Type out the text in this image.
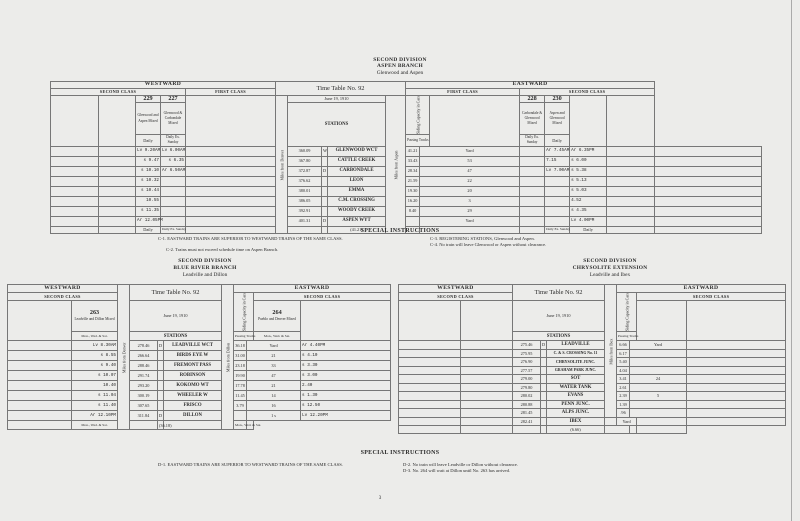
SECOND DIVISION
ASPEN BRANCH
Glenwood and Aspen
WESTWARD					Time Table No. 92					EASTWARD							
SECOND CLASS				FIRST CLASS						FIRST CLASS			SECOND CLASS				
		229	227		Miles from Denver	June 19, 1910			Miles from Aspen	Siding Capacity in Cars			228	230			
		Glenwood and Aspen Mixed	Glenwood & Carbondale Mixed			STATIONS							Carbondale & Glenwood Mixed	Aspen and Glenwood Mixed			
		Daily	Daily Ex. Sunday							Passing Tracks			Daily Ex. Sunday	Daily			
		Lv 9.20AM	Lv 6.00AM			360.09	W	GLENWOOD WCT		41.21	Yard			Ar 7.45AM	Ar 6.35PM		
		s 9.47	s 6.35			367.80		CATTLE CREEK		33.43	53			7.15	s 6.00		
		s 10.10	Ar 6.50AM			372.87	D	CARBONDALE		28.34	47			Lv 7.00AM	s 5.38		
		s 10.32				376.62		LEON		21.59	22				s 5.13		
		s 10.44				380.01		EMMA		19.30	20				s 5.03		
		10.55				386.05		C.M. CROSSING		16.20	3				4.52		
		s 11.35				392.91		WOODY CREEK		8.40	29				s 4.35		
		Ar 12.05PM				401.31	D	ASPEN WYT			Yard				Lv 4.00PM		
		Daily	Daily Ex. Sunday					(41.21)						Daily Ex. Sunday	Daily		
SPECIAL INSTRUCTIONS
C-1. EASTWARD TRAINS ARE SUPERIOR TO WESTWARD TRAINS OF THE SAME CLASS.
C-2. Trains must not exceed schedule time on Aspen Branch.
C-3. REGISTERING STATIONS, Glenwood and Aspen.
C-4. No train will leave Glenwood or Aspen without clearance.
SECOND DIVISION
BLUE RIVER BRANCH
Leadville and Dillon
WESTWARD		Miles from Denver	Time Table No. 92			Miles from Dillon	EASTWARD				
SECOND CLASS							Siding Capacity in Cars		SECOND CLASS		
	263
Leadville and Dillon Mixed		June 19, 1910						264
Pueblo and Denver Mixed		
	Mon., Wed. & Sat.		STATIONS				Passing Tracks		Mon., Wed. & Sat.		
	Lv 8.30AM		278.46	D	LEADVILLE WCT		36.18	Yard		Ar 4.40PM	
	s 8.55		266.64		BIRDS EYE W		31.00	21		s 4.10	
	s 9.40		288.46		FREMONT PASS		23.18	33		s 3.30	
	s 10.07		291.74		ROBINSON		19.90	47		s 3.00	
	10.40		293.20		KOKOMO WT		17.78	21		2.40	
	s 11.04		300.19		WHEELER W		11.45	14		s 1.30	
	s 11.40		307.65		FRISCO		3.79	16		s 12.50	
	Ar 12.10PM		311.84	D	DILLON			1 s		Lv 12.20PM	
	Mon., Wed. & Sat.			(36.18)			Mon., Wed. & Sat.				
SECOND DIVISION
CHRYSOLITE EXTENSION
Leadville and Ibex
WESTWARD		Time Table No. 92			Miles from Ibex	EASTWARD				
SECOND CLASS						Siding Capacity in Cars		SECOND CLASS		
		June 19, 1910								
		STATIONS				Passing Tracks				
		275.46	D	LEADVILLE		6.66	Yard			
		275.95		C. & S. CROSSING No. 11		6.17				
		276.90		CHRYSOLITE JUNC.		5.40				
		277.57		GRAHAM PARK JUNC.		4.04				
		279.00		SOT		3.41	24			
		279.80		WATER TANK		2.61				
		280.02		EVANS		2.39	5			
		280.88		PENN JUNC.		1.39				
		281.45		ALPS JUNC.		.96				
		282.41		IBEX		Yard				
				(6.66)						
SPECIAL INSTRUCTIONS
D-1. EASTWARD TRAINS ARE SUPERIOR TO WESTWARD TRAINS OF THE SAME CLASS.	D-2. No train will leave Leadville or Dillon without clearance.
D-3. No. 264 will wait at Dillon until No. 263 has arrived.
3
